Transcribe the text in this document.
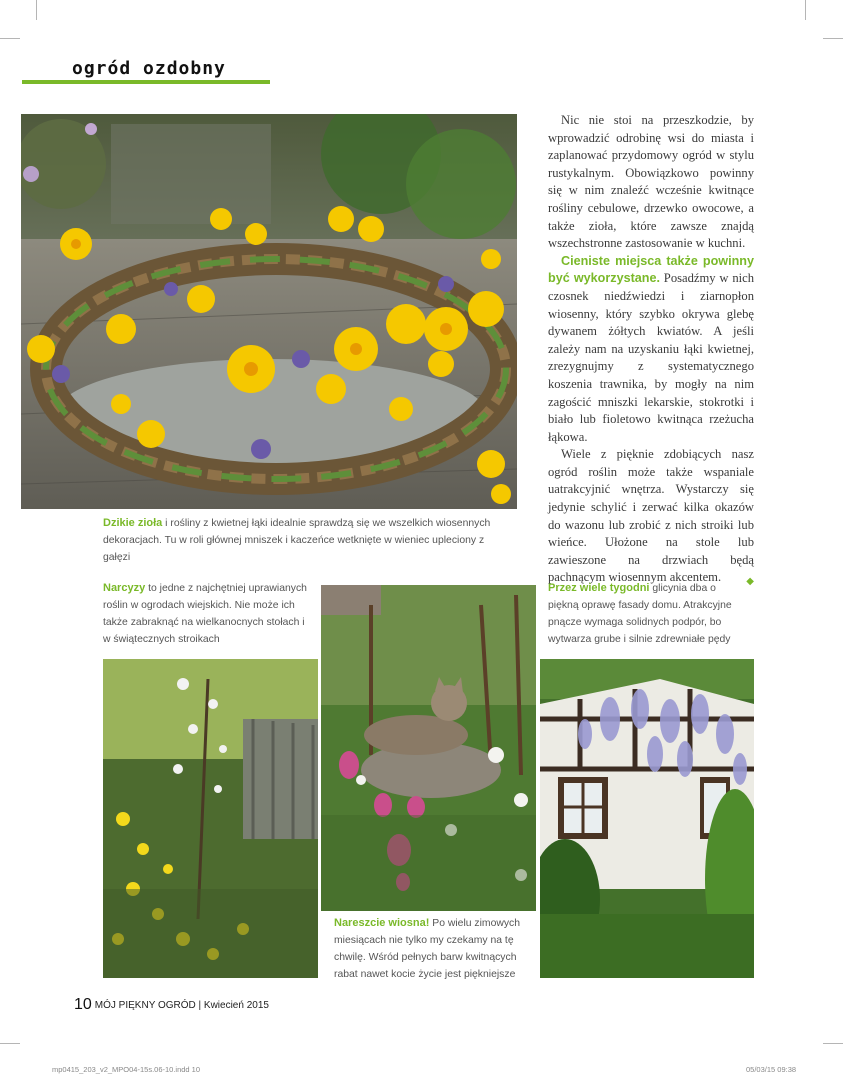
ogród ozdobny

Nic nie stoi na przeszkodzie, by wprowadzić odrobinę wsi do miasta i zaplanować przydomowy ogród w stylu rustykalnym. Obowiązkowo powinny się w nim znaleźć wcześnie kwitnące rośliny cebulowe, drzewko owocowe, a także zioła, które zawsze znajdą wszechstronne zastosowanie w kuchni.

Cieniste miejsca także powinny być wykorzystane. Posadźmy w nich czosnek niedźwiedzi i ziarnopłon wiosenny, który szybko okrywa glebę dywanem żółtych kwiatów. A jeśli zależy nam na uzyskaniu łąki kwietnej, zrezygnujmy z systematycznego koszenia trawnika, by mogły na nim zagościć mniszki lekarskie, stokrotki i biało lub fioletowo kwitnąca rzeżucha łąkowa.

Wiele z pięknie zdobiących nasz ogród roślin może także wspaniale uatrakcyjnić wnętrza. Wystarczy się jedynie schylić i zerwać kilka okazów do wazonu lub zrobić z nich stroiki lub wieńce. Ułożone na stole lub zawieszone na drzwiach będą pachnącym wiosennym akcentem.	◆

Dzikie zioła i rośliny z kwietnej łąki idealnie sprawdzą się we wszelkich wiosennych dekoracjach. Tu w roli głównej mniszek i kaczeńce wetknięte w wieniec upleciony z gałęzi
Narcyzy to jedne z najchętniej uprawianych roślin w ogrodach wiejskich. Nie może ich także zabraknąć na wielkanocnych stołach i w świątecznych stroikach
Nareszcie wiosna! Po wielu zimowych miesiącach nie tylko my czekamy na tę chwilę. Wśród pełnych barw kwitnących rabat nawet kocie życie jest piękniejsze
Przez wiele tygodni glicynia dba o piękną oprawę fasady domu. Atrakcyjne pnącze wymaga solidnych podpór, bo wytwarza grube i silnie zdrewniałe pędy
10 MÓJ PIĘKNY OGRÓD | Kwiecień 2015
mp0415_203_v2_MPO04-15s.06-10.indd 10	05/03/15 09:38
